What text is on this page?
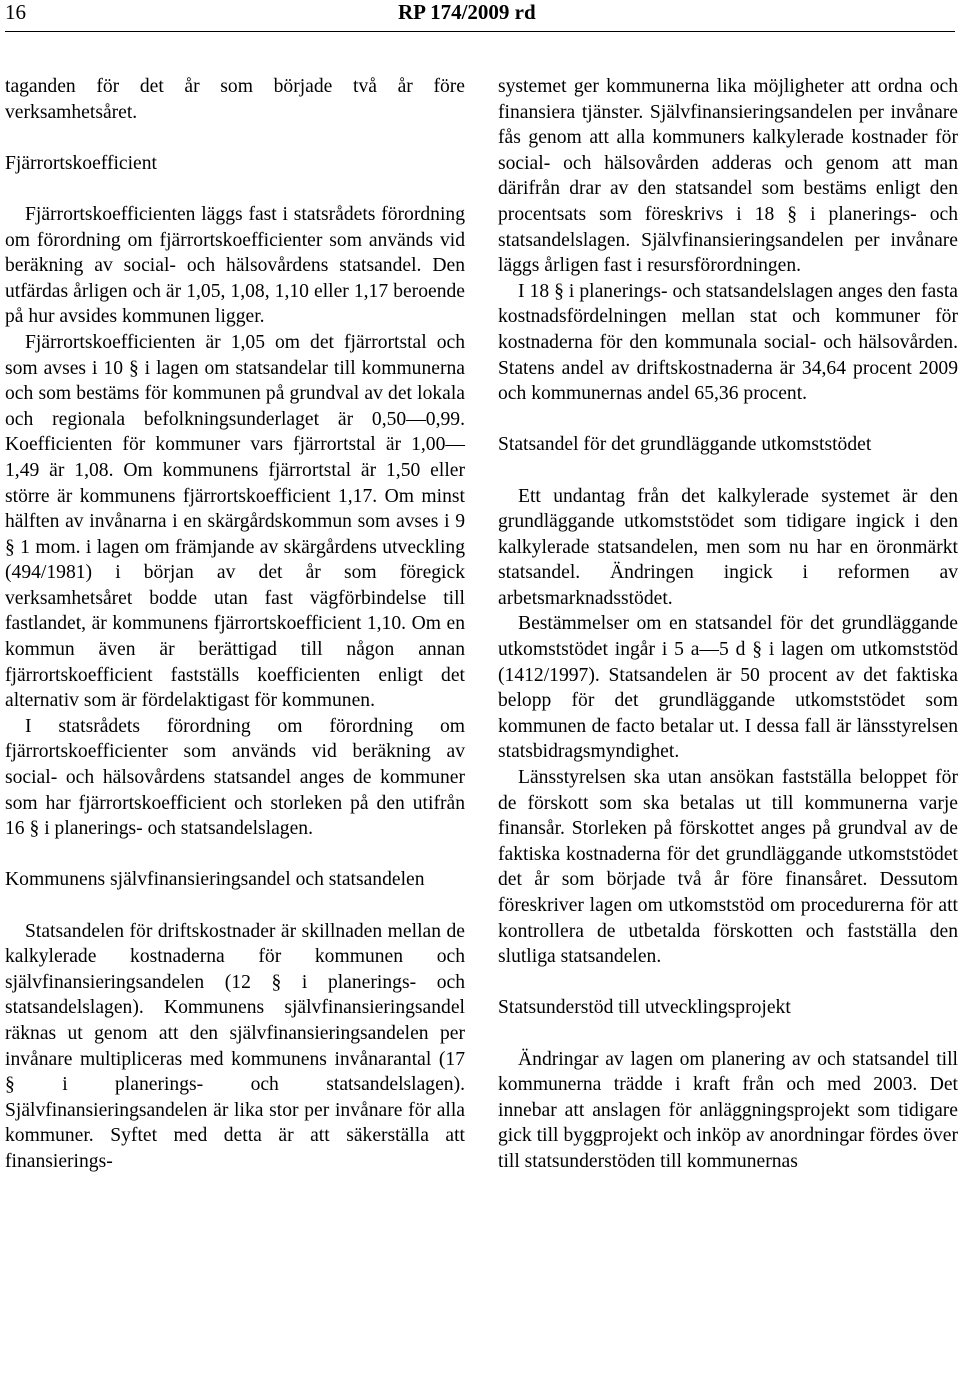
16	RP 174/2009 rd

taganden för det år som började två år före verksamhetsåret.

Fjärrortskoefficient

Fjärrortskoefficienten läggs fast i statsrådets förordning om förordning om fjärrortskoefficienter som används vid beräkning av social- och hälsovårdens statsandel. Den utfärdas årligen och är 1,05, 1,08, 1,10 eller 1,17 beroende på hur avsides kommunen ligger.

Fjärrortskoefficienten är 1,05 om det fjärrortstal och som avses i 10 § i lagen om statsandelar till kommunerna och som bestäms för kommunen på grundval av det lokala och regionala befolkningsunderlaget är 0,50—0,99. Koefficienten för kommuner vars fjärrortstal är 1,00—1,49 är 1,08. Om kommunens fjärrortstal är 1,50 eller större är kommunens fjärrortskoefficient 1,17. Om minst hälften av invånarna i en skärgårdskommun som avses i 9 § 1 mom. i lagen om främjande av skärgårdens utveckling (494/1981) i början av det år som föregick verksamhetsåret bodde utan fast vägförbindelse till fastlandet, är kommunens fjärrortskoefficient 1,10. Om en kommun även är berättigad till någon annan fjärrortskoefficient fastställs koefficienten enligt det alternativ som är fördelaktigast för kommunen.

I statsrådets förordning om förordning om fjärrortskoefficienter som används vid beräkning av social- och hälsovårdens statsandel anges de kommuner som har fjärrortskoefficient och storleken på den utifrån 16 § i planerings- och statsandelslagen.

Kommunens självfinansieringsandel och statsandelen

Statsandelen för driftskostnader är skillnaden mellan de kalkylerade kostnaderna för kommunen och självfinansieringsandelen (12 § i planerings- och statsandelslagen). Kommunens självfinansieringsandel räknas ut genom att den självfinansieringsandelen per invånare multipliceras med kommunens invånarantal (17 § i planerings- och statsandelslagen). Självfinansieringsandelen är lika stor per invånare för alla kommuner. Syftet med detta är att säkerställa att finansierings-

systemet ger kommunerna lika möjligheter att ordna och finansiera tjänster. Självfinansieringsandelen per invånare fås genom att alla kommuners kalkylerade kostnader för social- och hälsovården adderas och genom att man därifrån drar av den statsandel som bestäms enligt den procentsats som föreskrivs i 18 § i planerings- och statsandelslagen. Självfinansieringsandelen per invånare läggs årligen fast i resursförordningen.

I 18 § i planerings- och statsandelslagen anges den fasta kostnadsfördelningen mellan stat och kommuner för kostnaderna för den kommunala social- och hälsovården. Statens andel av driftskostnaderna är 34,64 procent 2009 och kommunernas andel 65,36 procent.

Statsandel för det grundläggande utkomststödet

Ett undantag från det kalkylerade systemet är den grundläggande utkomststödet som tidigare ingick i den kalkylerade statsandelen, men som nu har en öronmärkt statsandel. Ändringen ingick i reformen av arbetsmarknadsstödet.

Bestämmelser om en statsandel för det grundläggande utkomststödet ingår i 5 a—5 d § i lagen om utkomststöd (1412/1997). Statsandelen är 50 procent av det faktiska belopp för det grundläggande utkomststödet som kommunen de facto betalar ut. I dessa fall är länsstyrelsen statsbidragsmyndighet.

Länsstyrelsen ska utan ansökan fastställa beloppet för de förskott som ska betalas ut till kommunerna varje finansår. Storleken på förskottet anges på grundval av de faktiska kostnaderna för det grundläggande utkomststödet det år som började två år före finansåret. Dessutom föreskriver lagen om utkomststöd om procedurerna för att kontrollera de utbetalda förskotten och fastställa den slutliga statsandelen.

Statsunderstöd till utvecklingsprojekt

Ändringar av lagen om planering av och statsandel till kommunerna trädde i kraft från och med 2003. Det innebar att anslagen för anläggningsprojekt som tidigare gick till byggprojekt och inköp av anordningar fördes över till statsunderstöden till kommunernas
